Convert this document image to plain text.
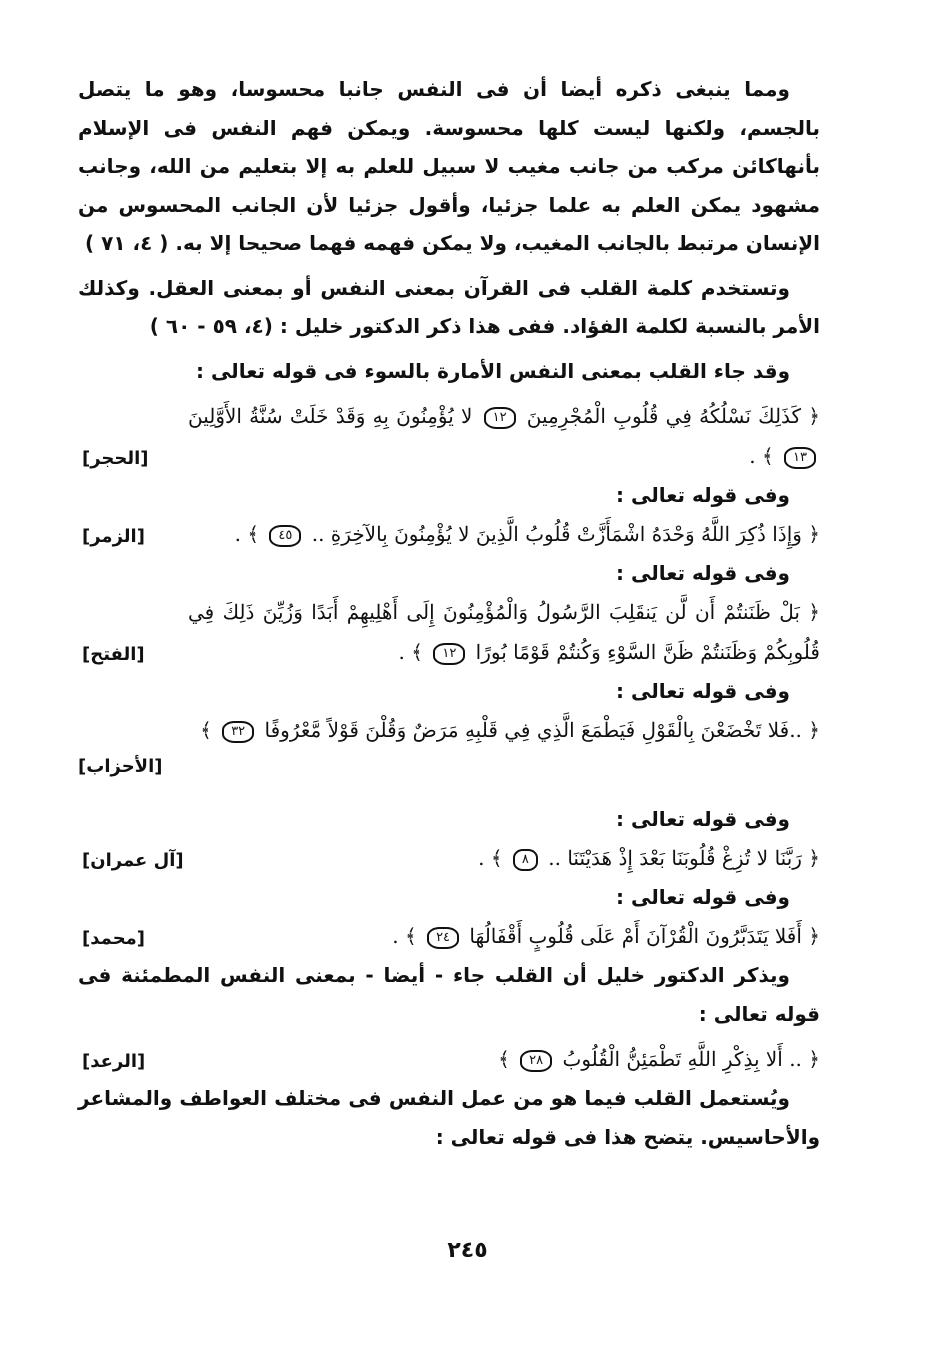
ومما ينبغى ذكره أيضا أن فى النفس جانبا محسوسا، وهو ما يتصل بالجسم، ولكنها ليست كلها محسوسة. ويمكن فهم النفس فى الإسلام بأنهاكائن مركب من جانب مغيب لا سبيل للعلم به إلا بتعليم من الله، وجانب مشهود يمكن العلم به علما جزئيا، وأقول جزئيا لأن الجانب المحسوس من الإنسان مرتبط بالجانب المغيب، ولا يمكن فهمه فهما صحيحا إلا به. ( ٤، ٧١ )

وتستخدم كلمة القلب فى القرآن بمعنى النفس أو بمعنى العقل. وكذلك الأمر بالنسبة لكلمة الفؤاد. ففى هذا ذكر الدكتور خليل : (٤، ٥٩ - ٦٠ )

وقد جاء القلب بمعنى النفس الأمارة بالسوء فى قوله تعالى :

﴿ كَذَلِكَ نَسْلُكُهُ فِي قُلُوبِ الْمُجْرِمِينَ ١٢ لا يُؤْمِنُونَ بِهِ وَقَدْ خَلَتْ سُنَّةُ الأَوَّلِينَ ١٣ ﴾ .
[الحجر]

وفى قوله تعالى :

﴿ وَإِذَا ذُكِرَ اللَّهُ وَحْدَهُ اشْمَأَزَّتْ قُلُوبُ الَّذِينَ لا يُؤْمِنُونَ بِالآخِرَةِ .. ٤٥ ﴾ .
[الزمر]

وفى قوله تعالى :

﴿ بَلْ ظَنَنتُمْ أَن لَّن يَنقَلِبَ الرَّسُولُ وَالْمُؤْمِنُونَ إِلَى أَهْلِيهِمْ أَبَدًا وَزُيِّنَ ذَلِكَ فِي قُلُوبِكُمْ وَظَنَنتُمْ ظَنَّ السَّوْءِ وَكُنتُمْ قَوْمًا بُورًا ١٢ ﴾ .
[الفتح]

وفى قوله تعالى :

﴿ ..فَلا تَخْضَعْنَ بِالْقَوْلِ فَيَطْمَعَ الَّذِي فِي قَلْبِهِ مَرَضٌ وَقُلْنَ قَوْلاً مَّعْرُوفًا ٣٢ ﴾
[الأحزاب]

وفى قوله تعالى :

﴿ رَبَّنَا لا تُزِغْ قُلُوبَنَا بَعْدَ إِذْ هَدَيْتَنَا .. ٨ ﴾ .
[آل عمران]

وفى قوله تعالى :

﴿ أَفَلا يَتَدَبَّرُونَ الْقُرْآنَ أَمْ عَلَى قُلُوبٍ أَقْفَالُهَا ٢٤ ﴾ .
[محمد]

ويذكر الدكتور خليل أن القلب جاء - أيضا - بمعنى النفس المطمئنة فى قوله تعالى :

﴿ .. أَلا بِذِكْرِ اللَّهِ تَطْمَئِنُّ الْقُلُوبُ ٢٨ ﴾
[الرعد]

ويُستعمل القلب فيما هو من عمل النفس فى مختلف العواطف والمشاعر والأحاسيس. يتضح هذا فى قوله تعالى :

٢٤٥
